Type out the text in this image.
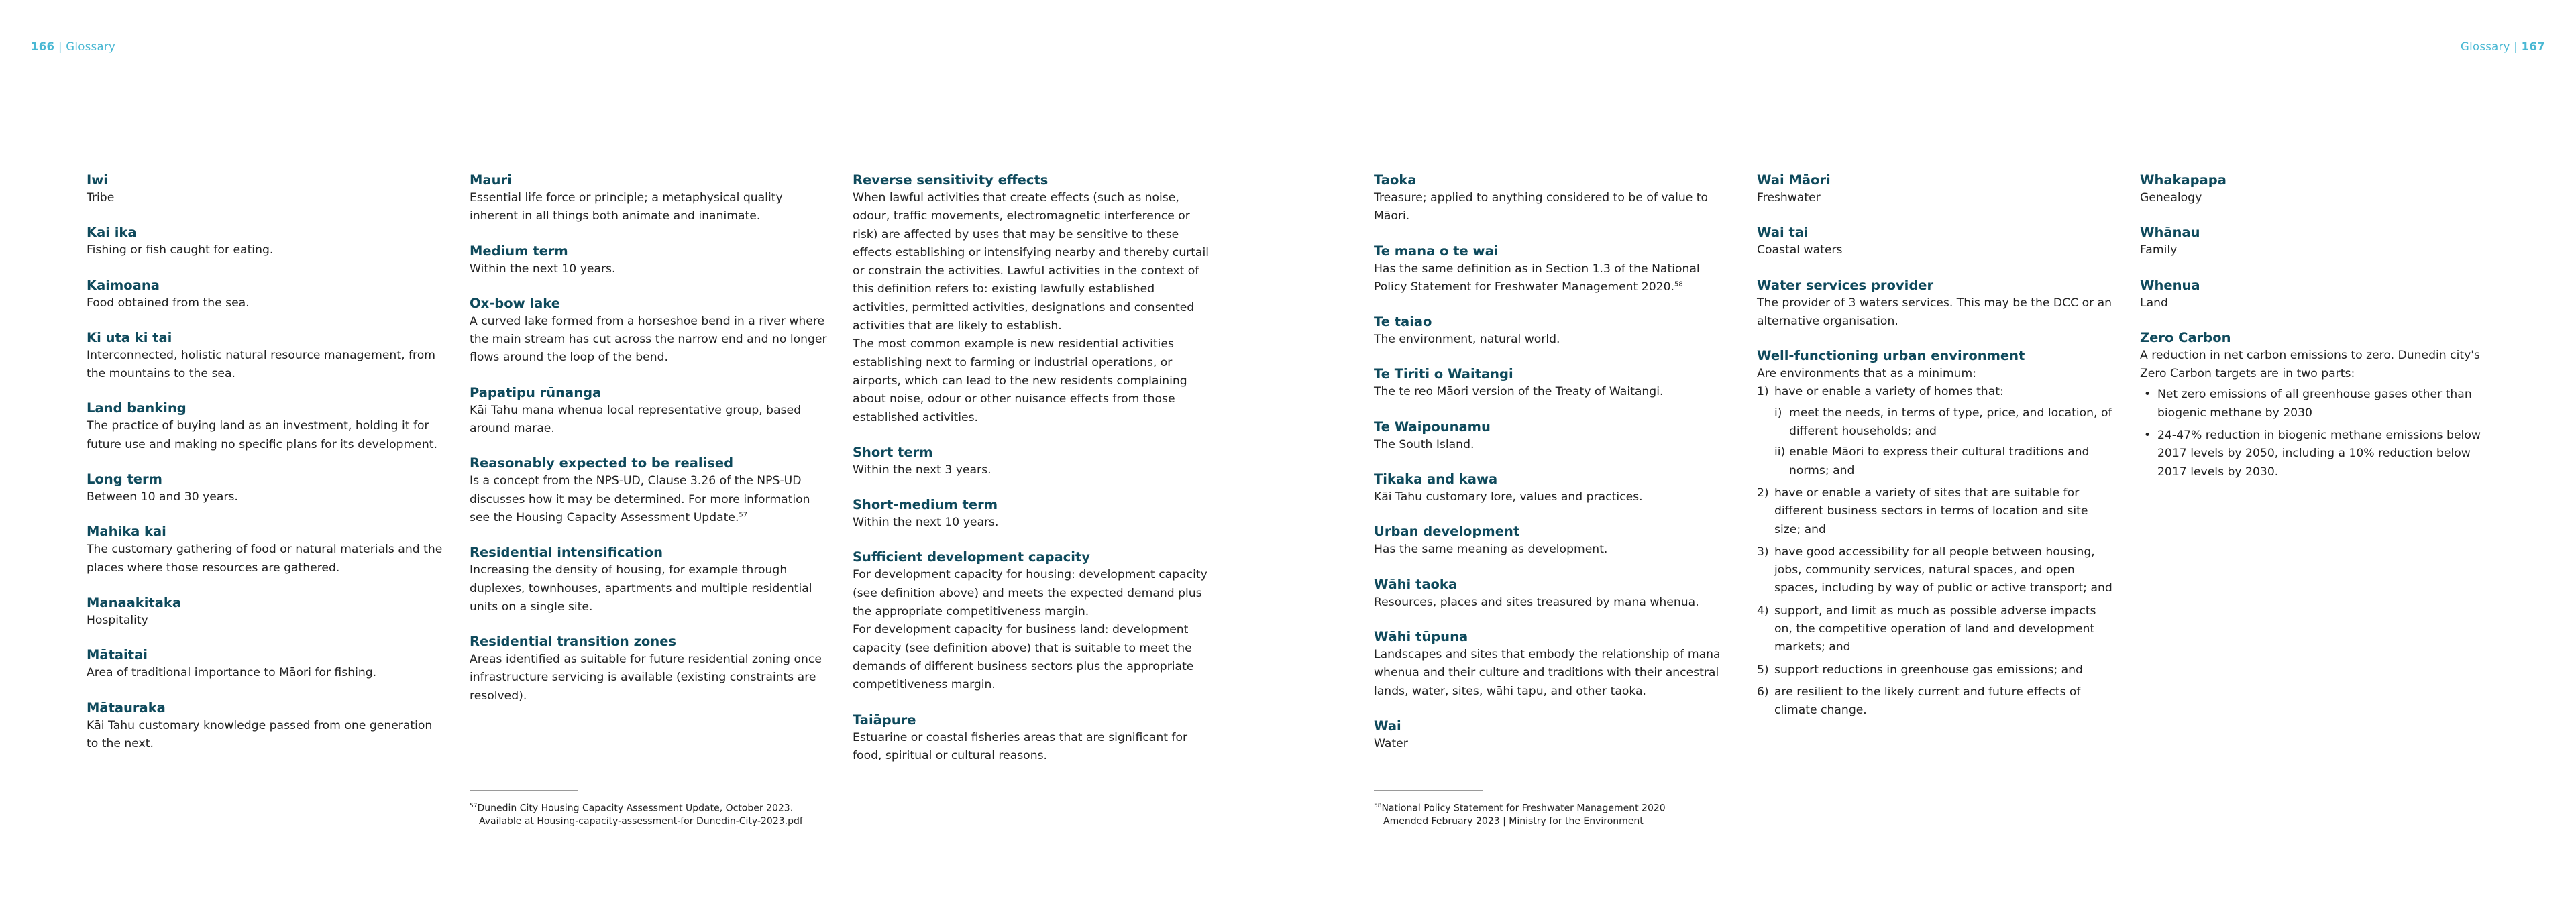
166 | Glossary	Glossary | 167
Iwi

Tribe

Kai ika

Fishing or fish caught for eating.

Kaimoana

Food obtained from the sea.

Ki uta ki tai

Interconnected, holistic natural resource management, from the mountains to the sea.

Land banking

The practice of buying land as an investment, holding it for future use and making no specific plans for its development.

Long term

Between 10 and 30 years.

Mahika kai

The customary gathering of food or natural materials and the places where those resources are gathered.

Manaakitaka

Hospitality

Mātaitai

Area of traditional importance to Māori for fishing.

Mātauraka

Kāi Tahu customary knowledge passed from one generation to the next.

Mauri

Essential life force or principle; a metaphysical quality inherent in all things both animate and inanimate.

Medium term

Within the next 10 years.

Ox-bow lake

A curved lake formed from a horseshoe bend in a river where the main stream has cut across the narrow end and no longer flows around the loop of the bend.

Papatipu rūnanga

Kāi Tahu mana whenua local representative group, based around marae.

Reasonably expected to be realised

Is a concept from the NPS-UD, Clause 3.26 of the NPS-UD discusses how it may be determined. For more information see the Housing Capacity Assessment Update.$^{57}$

Residential intensification

Increasing the density of housing, for example through duplexes, townhouses, apartments and multiple residential units on a single site.

Residential transition zones

Areas identified as suitable for future residential zoning once infrastructure servicing is available (existing constraints are resolved).

Reverse sensitivity effects

When lawful activities that create effects (such as noise, odour, traffic movements, electromagnetic interference or risk) are affected by uses that may be sensitive to these effects establishing or intensifying nearby and thereby curtail or constrain the activities. Lawful activities in the context of this definition refers to: existing lawfully established activities, permitted activities, designations and consented activities that are likely to establish.

The most common example is new residential activities establishing next to farming or industrial operations, or airports, which can lead to the new residents complaining about noise, odour or other nuisance effects from those established activities.

Short term

Within the next 3 years.

Short-medium term

Within the next 10 years.

Sufficient development capacity

For development capacity for housing: development capacity (see definition above) and meets the expected demand plus the appropriate competitiveness margin.

For development capacity for business land: development capacity (see definition above) that is suitable to meet the demands of different business sectors plus the appropriate competitiveness margin.

Taiāpure

Estuarine or coastal fisheries areas that are significant for food, spiritual or cultural reasons.

Taoka

Treasure; applied to anything considered to be of value to Māori.

Te mana o te wai

Has the same definition as in Section 1.3 of the National Policy Statement for Freshwater Management 2020.58

Te taiao

The environment, natural world.

Te Tiriti o Waitangi

The te reo Māori version of the Treaty of Waitangi.

Te Waipounamu

The South Island.

Tikaka and kawa

Kāi Tahu customary lore, values and practices.

Urban development

Has the same meaning as development.

Wāhi taoka

Resources, places and sites treasured by mana whenua.

Wāhi tūpuna

Landscapes and sites that embody the relationship of mana whenua and their culture and traditions with their ancestral lands, water, sites, wāhi tapu, and other taoka.

Wai

Water

Wai Māori

Freshwater

Wai tai

Coastal waters

Water services provider

The provider of 3 waters services. This may be the DCC or an alternative organisation.

Well-functioning urban environment

Are environments that as a minimum:

1) have or enable a variety of homes that:
i) meet the needs, in terms of type, price, and location, of different households; and
ii) enable Māori to express their cultural traditions and norms; and
2) have or enable a variety of sites that are suitable for different business sectors in terms of location and site size; and
3) have good accessibility for all people between housing, jobs, community services, natural spaces, and open spaces, including by way of public or active transport; and
4) support, and limit as much as possible adverse impacts on, the competitive operation of land and development markets; and
5) support reductions in greenhouse gas emissions; and
6) are resilient to the likely current and future effects of climate change.
Whakapapa

Genealogy

Whānau

Family

Whenua

Land

Zero Carbon

A reduction in net carbon emissions to zero. Dunedin city's Zero Carbon targets are in two parts:

• Net zero emissions of all greenhouse gases other than biogenic methane by 2030
• 24-47% reduction in biogenic methane emissions below 2017 levels by 2050, including a 10% reduction below 2017 levels by 2030.
$^{57}$Dunedin City Housing Capacity Assessment Update, October 2023.
Available at Housing-capacity-assessment-for Dunedin-City-2023.pdf
$^{58}$National Policy Statement for Freshwater Management 2020
Amended February 2023 | Ministry for the Environment
